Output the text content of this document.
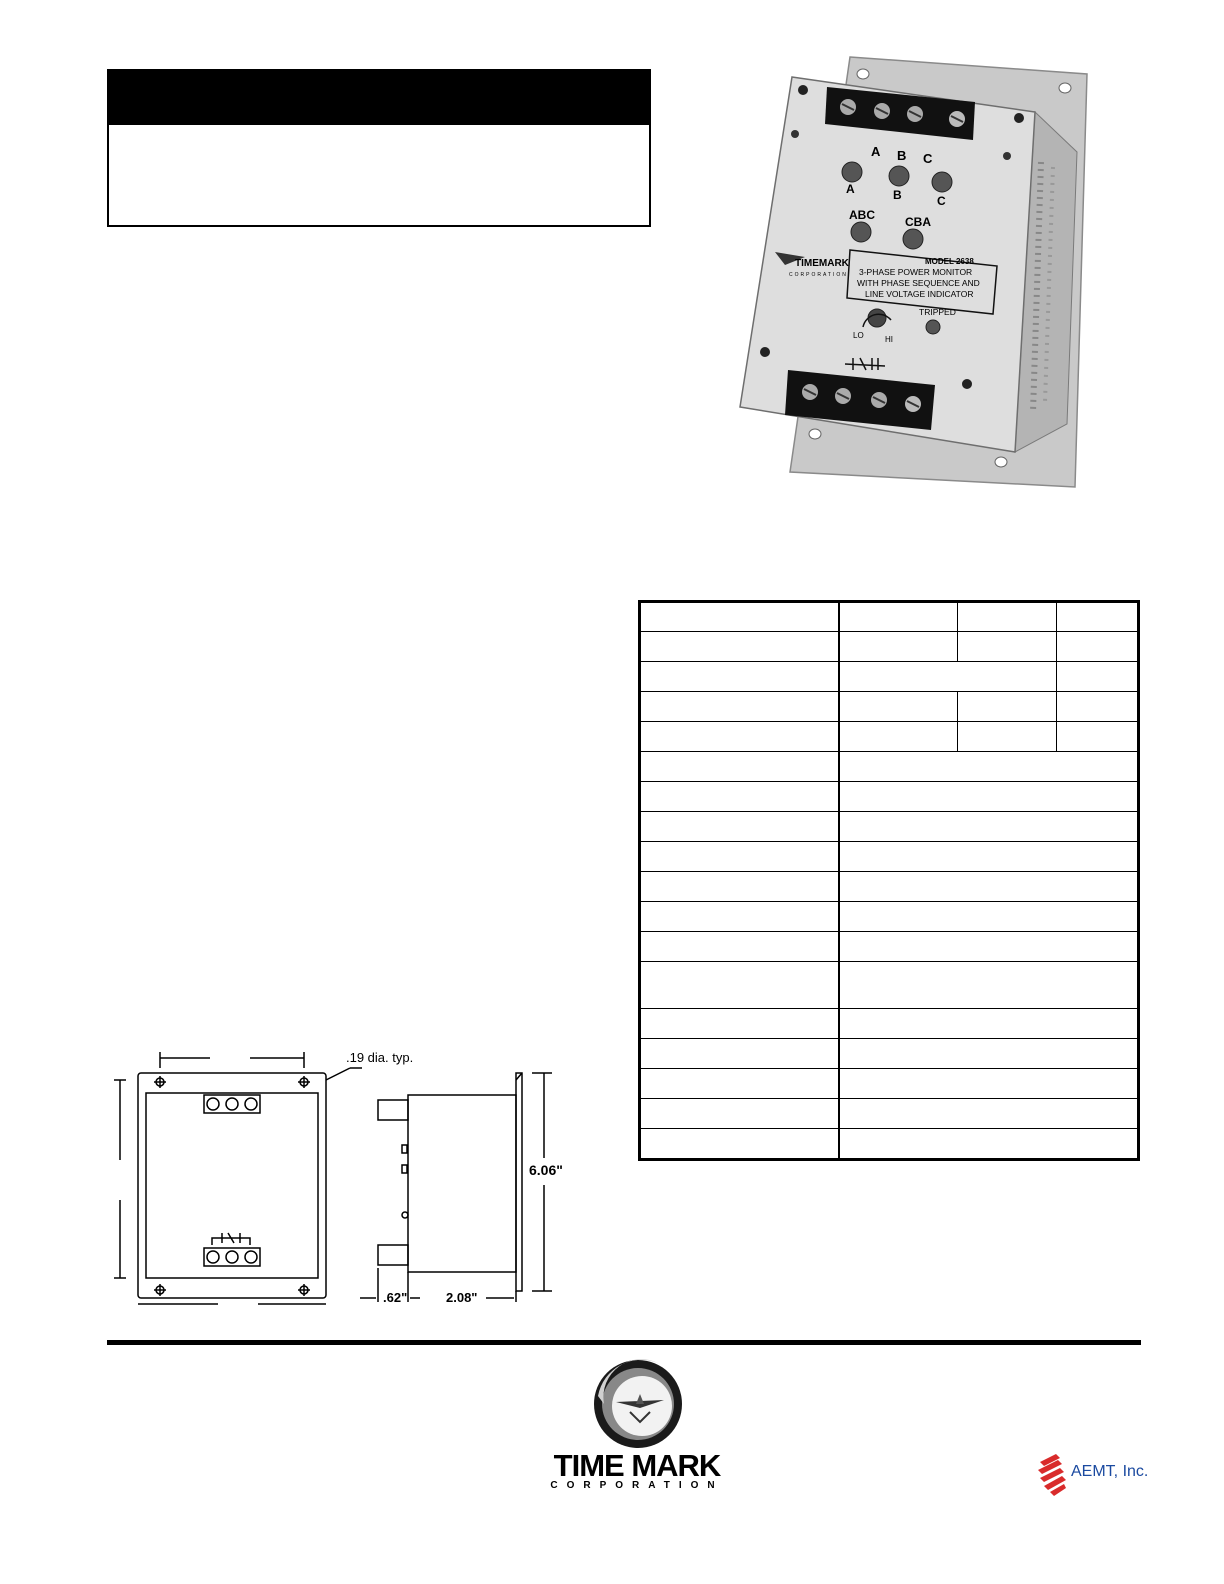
A B C
A	B	C
ABC	CBA
TIMEMARK
CORPORATION
MODEL 2638
3-PHASE POWER MONITOR
WITH PHASE SEQUENCE AND
LINE VOLTAGE INDICATOR
TRIPPED
LO	HI

.19 dia. typ.
6.06"
.62"	2.08"
TIME MARK
CORPORATION
AEMT, Inc.
